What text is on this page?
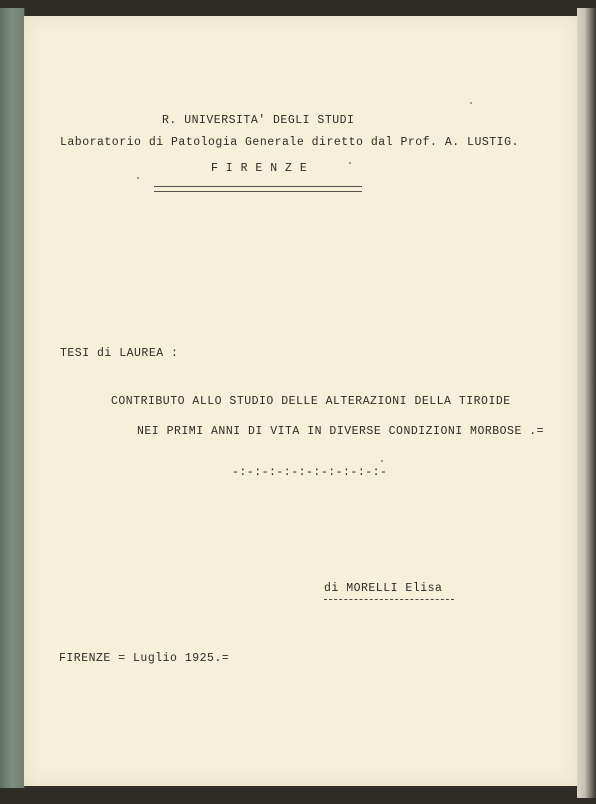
R. UNIVERSITA' DEGLI STUDI
Laboratorio di Patologia Generale diretto dal Prof. A. LUSTIG.
F I R E N Z E
TESI di LAUREA :
CONTRIBUTO ALLO STUDIO DELLE ALTERAZIONI DELLA TIROIDE
NEI PRIMI ANNI DI VITA IN DIVERSE CONDIZIONI MORBOSE .=
-:-:-:-:-:-:-:-:-:-:-
di MORELLI Elisa
FIRENZE = Luglio 1925.=
